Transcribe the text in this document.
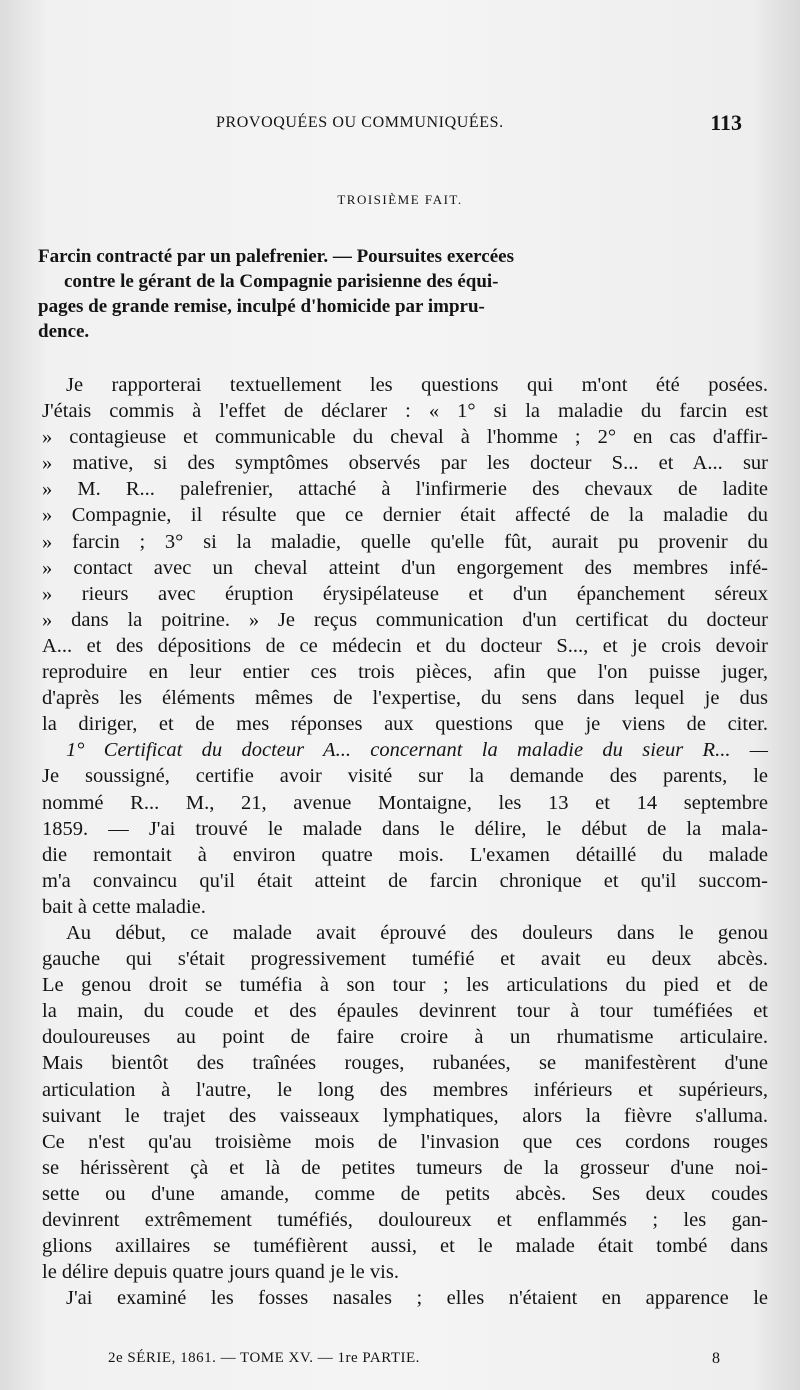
PROVOQUÉES OU COMMUNIQUÉES.	113
TROISIÈME FAIT.
Farcin contracté par un palefrenier. — Poursuites exercées
contre le gérant de la Compagnie parisienne des équi-
pages de grande remise, inculpé d'homicide par impru-
dence.
Je rapporterai textuellement les questions qui m'ont été posées.
J'étais commis à l'effet de déclarer : « 1° si la maladie du farcin est
» contagieuse et communicable du cheval à l'homme ; 2° en cas d'affir-
» mative, si des symptômes observés par les docteur S... et A... sur
» M. R... palefrenier, attaché à l'infirmerie des chevaux de ladite
» Compagnie, il résulte que ce dernier était affecté de la maladie du
» farcin ; 3° si la maladie, quelle qu'elle fût, aurait pu provenir du
» contact avec un cheval atteint d'un engorgement des membres infé-
» rieurs avec éruption érysipélateuse et d'un épanchement séreux
» dans la poitrine. » Je reçus communication d'un certificat du docteur
A... et des dépositions de ce médecin et du docteur S..., et je crois devoir
reproduire en leur entier ces trois pièces, afin que l'on puisse juger,
d'après les éléments mêmes de l'expertise, du sens dans lequel je dus
la diriger, et de mes réponses aux questions que je viens de citer.
1° Certificat du docteur A... concernant la maladie du sieur R... —
Je soussigné, certifie avoir visité sur la demande des parents, le
nommé R... M., 21, avenue Montaigne, les 13 et 14 septembre
1859. — J'ai trouvé le malade dans le délire, le début de la mala-
die remontait à environ quatre mois. L'examen détaillé du malade
m'a convaincu qu'il était atteint de farcin chronique et qu'il succom-
bait à cette maladie.
Au début, ce malade avait éprouvé des douleurs dans le genou
gauche qui s'était progressivement tuméfié et avait eu deux abcès.
Le genou droit se tuméfia à son tour ; les articulations du pied et de
la main, du coude et des épaules devinrent tour à tour tuméfiées et
douloureuses au point de faire croire à un rhumatisme articulaire.
Mais bientôt des traînées rouges, rubanées, se manifestèrent d'une
articulation à l'autre, le long des membres inférieurs et supérieurs,
suivant le trajet des vaisseaux lymphatiques, alors la fièvre s'alluma.
Ce n'est qu'au troisième mois de l'invasion que ces cordons rouges
se hérissèrent çà et là de petites tumeurs de la grosseur d'une noi-
sette ou d'une amande, comme de petits abcès. Ses deux coudes
devinrent extrêmement tuméfiés, douloureux et enflammés ; les gan-
glions axillaires se tuméfièrent aussi, et le malade était tombé dans
le délire depuis quatre jours quand je le vis.
J'ai examiné les fosses nasales ; elles n'étaient en apparence le
2e SÉRIE, 1861. — TOME XV. — 1re PARTIE.	8
